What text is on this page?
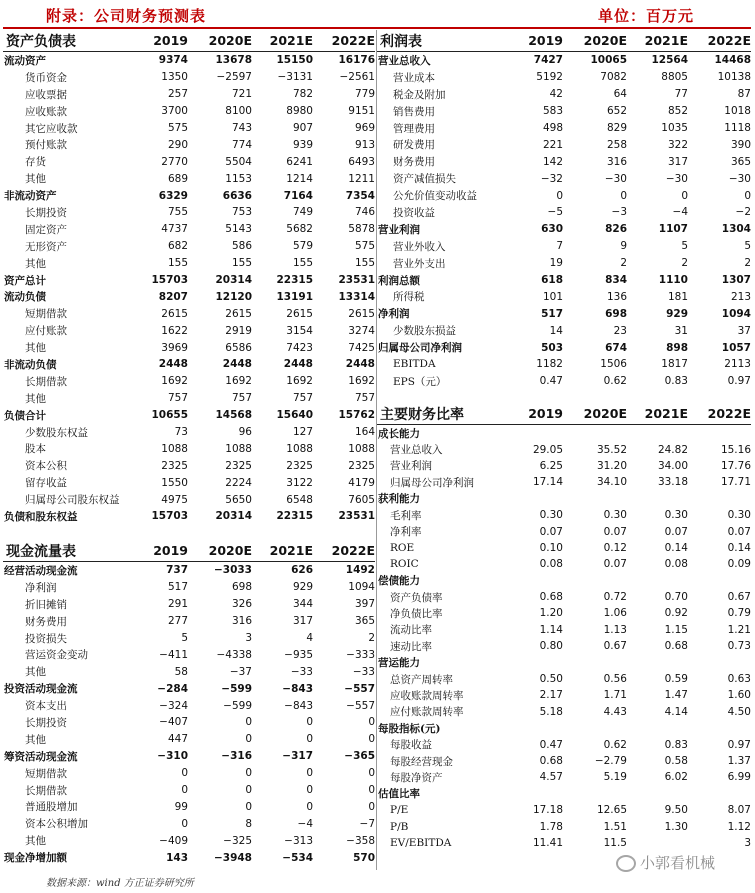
附录：公司财务预测表	单位：百万元
资产负债表	2019	2020E	2021E	2022E
流动资产	9374	13678	15150	16176
货币资金	1350	−2597	−3131	−2561
应收票据	257	721	782	779
应收账款	3700	8100	8980	9151
其它应收款	575	743	907	969
预付账款	290	774	939	913
存货	2770	5504	6241	6493
其他	689	1153	1214	1211
非流动资产	6329	6636	7164	7354
长期投资	755	753	749	746
固定资产	4737	5143	5682	5878
无形资产	682	586	579	575
其他	155	155	155	155
资产总计	15703	20314	22315	23531
流动负债	8207	12120	13191	13314
短期借款	2615	2615	2615	2615
应付账款	1622	2919	3154	3274
其他	3969	6586	7423	7425
非流动负债	2448	2448	2448	2448
长期借款	1692	1692	1692	1692
其他	757	757	757	757
负债合计	10655	14568	15640	15762
少数股东权益	73	96	127	164
股本	1088	1088	1088	1088
资本公积	2325	2325	2325	2325
留存收益	1550	2224	3122	4179
归属母公司股东权益	4975	5650	6548	7605
负债和股东权益	15703	20314	22315	23531
现金流量表	2019	2020E	2021E	2022E
经营活动现金流	737	−3033	626	1492
净利润	517	698	929	1094
折旧摊销	291	326	344	397
财务费用	277	316	317	365
投资损失	5	3	4	2
营运资金变动	−411	−4338	−935	−333
其他	58	−37	−33	−33
投资活动现金流	−284	−599	−843	−557
资本支出	−324	−599	−843	−557
长期投资	−407	0	0	0
其他	447	0	0	0
筹资活动现金流	−310	−316	−317	−365
短期借款	0	0	0	0
长期借款	0	0	0	0
普通股增加	99	0	0	0
资本公积增加	0	8	−4	−7
其他	−409	−325	−313	−358
现金净增加额	143	−3948	−534	570
利润表	2019	2020E	2021E	2022E
营业总收入	7427	10065	12564	14468
营业成本	5192	7082	8805	10138
税金及附加	42	64	77	87
销售费用	583	652	852	1018
管理费用	498	829	1035	1118
研发费用	221	258	322	390
财务费用	142	316	317	365
资产减值损失	−32	−30	−30	−30
公允价值变动收益	0	0	0	0
投资收益	−5	−3	−4	−2
营业利润	630	826	1107	1304
营业外收入	7	9	5	5
营业外支出	19	2	2	2
利润总额	618	834	1110	1307
所得税	101	136	181	213
净利润	517	698	929	1094
少数股东损益	14	23	31	37
归属母公司净利润	503	674	898	1057
EBITDA	1182	1506	1817	2113
EPS（元）	0.47	0.62	0.83	0.97
主要财务比率	2019	2020E	2021E	2022E
成长能力				
营业总收入	29.05	35.52	24.82	15.16
营业利润	6.25	31.20	34.00	17.76
归属母公司净利润	17.14	34.10	33.18	17.71
获利能力				
毛利率	0.30	0.30	0.30	0.30
净利率	0.07	0.07	0.07	0.07
ROE	0.10	0.12	0.14	0.14
ROIC	0.08	0.07	0.08	0.09
偿债能力				
资产负债率	0.68	0.72	0.70	0.67
净负债比率	1.20	1.06	0.92	0.79
流动比率	1.14	1.13	1.15	1.21
速动比率	0.80	0.67	0.68	0.73
营运能力				
总资产周转率	0.50	0.56	0.59	0.63
应收账款周转率	2.17	1.71	1.47	1.60
应付账款周转率	5.18	4.43	4.14	4.50
每股指标(元)				
每股收益	0.47	0.62	0.83	0.97
每股经营现金	0.68	−2.79	0.58	1.37
每股净资产	4.57	5.19	6.02	6.99
估值比率				
P/E	17.18	12.65	9.50	8.07
P/B	1.78	1.51	1.30	1.12
EV/EBITDA	11.41	11.5		3
数据来源：wind 方正证券研究所
小郭看机械
